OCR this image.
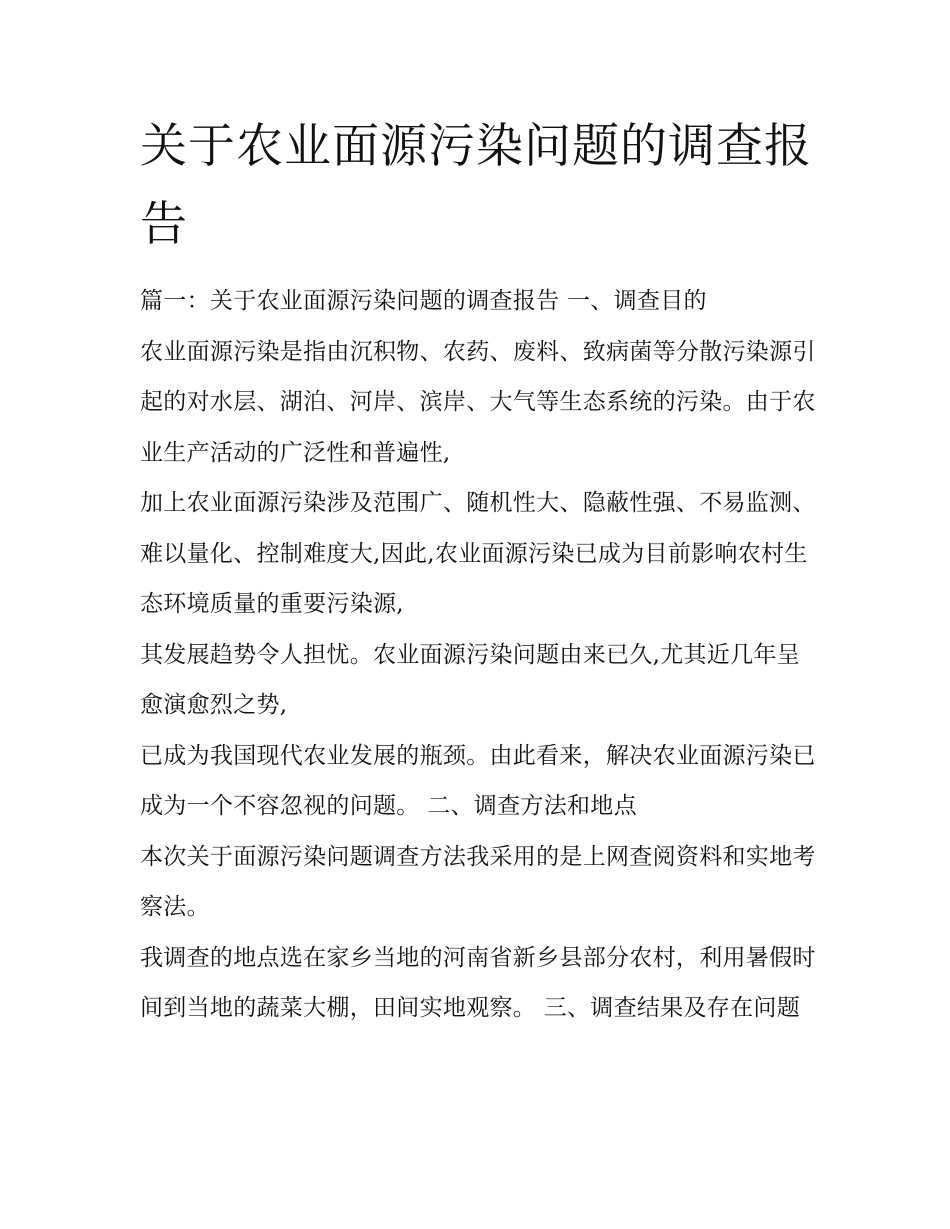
关于农业面源污染问题的调查报告

篇一：关于农业面源污染问题的调查报告 一、调查目的

农业面源污染是指由沉积物、农药、废料、致病菌等分散污染源引起的对水层、湖泊、河岸、滨岸、大气等生态系统的污染。由于农业生产活动的广泛性和普遍性,

加上农业面源污染涉及范围广、随机性大、隐蔽性强、不易监测、难以量化、控制难度大,因此,农业面源污染已成为目前影响农村生态环境质量的重要污染源,

其发展趋势令人担忧。农业面源污染问题由来已久,尤其近几年呈愈演愈烈之势,

已成为我国现代农业发展的瓶颈。由此看来，解决农业面源污染已成为一个不容忽视的问题。 二、调查方法和地点

本次关于面源污染问题调查方法我采用的是上网查阅资料和实地考察法。

我调查的地点选在家乡当地的河南省新乡县部分农村，利用暑假时间到当地的蔬菜大棚，田间实地观察。 三、调查结果及存在问题
